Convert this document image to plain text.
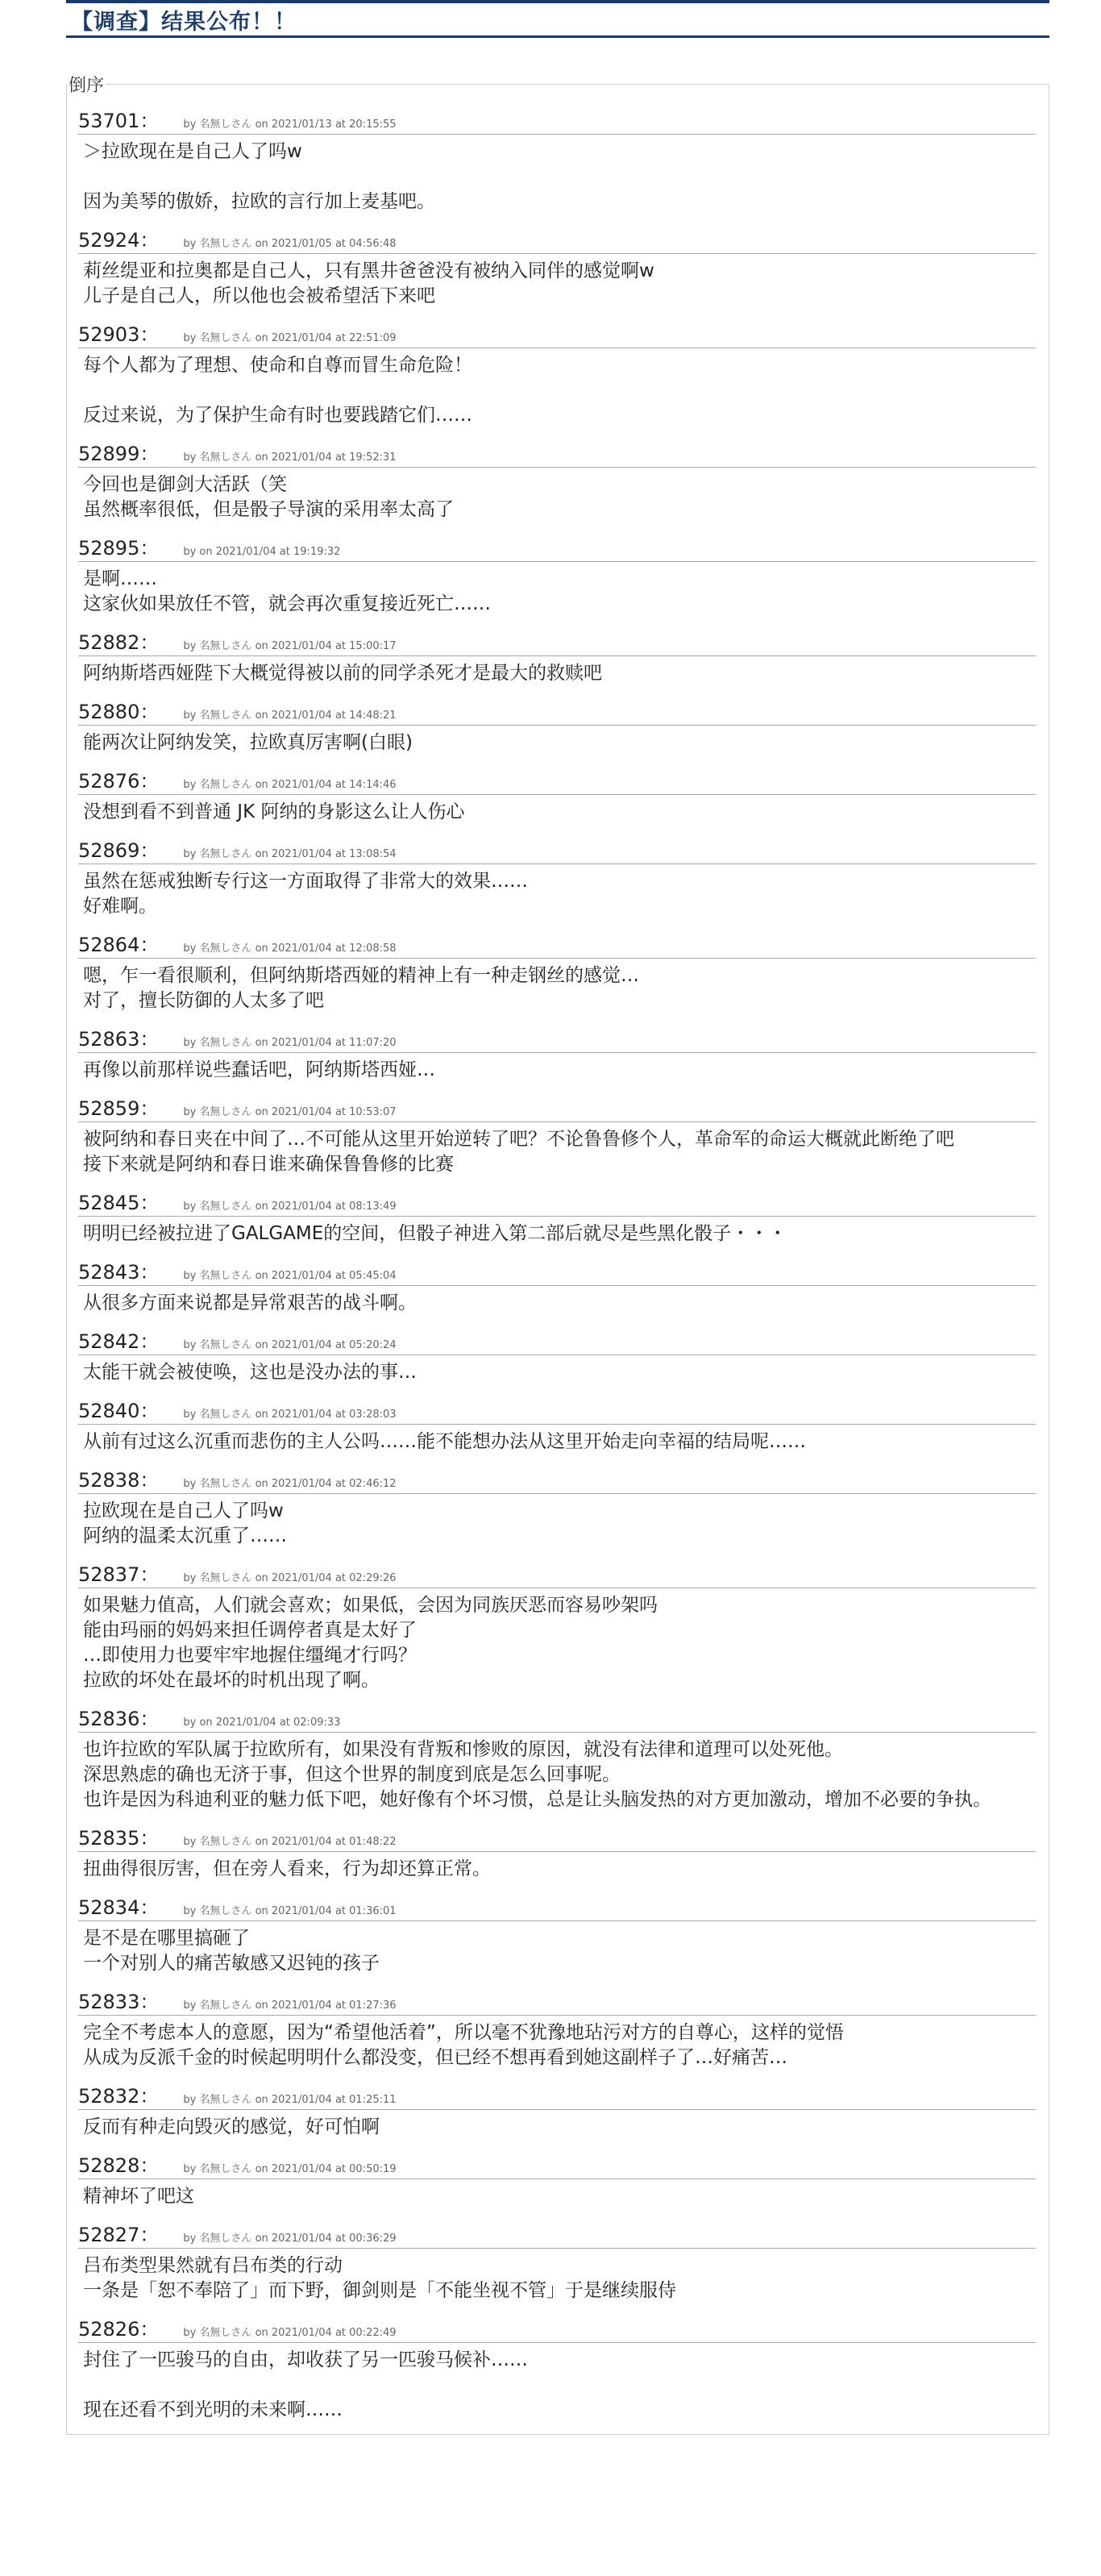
【调查】结果公布！！
倒序
53701 ： by 名無しさん on 2021/01/13 at 20:15:55
＞拉欧现在是自己人了吗w
因为美琴的傲娇，拉欧的言行加上麦基吧。
52924 ： by 名無しさん on 2021/01/05 at 04:56:48
莉丝缇亚和拉奥都是自己人，只有黑井爸爸没有被纳入同伴的感觉啊w
儿子是自己人，所以他也会被希望活下来吧
52903 ： by 名無しさん on 2021/01/04 at 22:51:09
每个人都为了理想、使命和自尊而冒生命危险！
反过来说，为了保护生命有时也要践踏它们……
52899 ： by 名無しさん on 2021/01/04 at 19:52:31
今回也是御剑大活跃（笑
虽然概率很低，但是骰子导演的采用率太高了
52895 ： by on 2021/01/04 at 19:19:32
是啊……
这家伙如果放任不管，就会再次重复接近死亡……
52882 ： by 名無しさん on 2021/01/04 at 15:00:17
阿纳斯塔西娅陛下大概觉得被以前的同学杀死才是最大的救赎吧
52880 ： by 名無しさん on 2021/01/04 at 14:48:21
能两次让阿纳发笑，拉欧真厉害啊(白眼)
52876 ： by 名無しさん on 2021/01/04 at 14:14:46
没想到看不到普通 JK 阿纳的身影这么让人伤心
52869 ： by 名無しさん on 2021/01/04 at 13:08:54
虽然在惩戒独断专行这一方面取得了非常大的效果……
好难啊。
52864 ： by 名無しさん on 2021/01/04 at 12:08:58
嗯，乍一看很顺利，但阿纳斯塔西娅的精神上有一种走钢丝的感觉…
对了，擅长防御的人太多了吧
52863 ： by 名無しさん on 2021/01/04 at 11:07:20
再像以前那样说些蠢话吧，阿纳斯塔西娅…
52859 ： by 名無しさん on 2021/01/04 at 10:53:07
被阿纳和春日夹在中间了…不可能从这里开始逆转了吧？不论鲁鲁修个人，革命军的命运大概就此断绝了吧
接下来就是阿纳和春日谁来确保鲁鲁修的比赛
52845 ： by 名無しさん on 2021/01/04 at 08:13:49
明明已经被拉进了GALGAME的空间，但骰子神进入第二部后就尽是些黑化骰子・・・
52843 ： by 名無しさん on 2021/01/04 at 05:45:04
从很多方面来说都是异常艰苦的战斗啊。
52842 ： by 名無しさん on 2021/01/04 at 05:20:24
太能干就会被使唤，这也是没办法的事…
52840 ： by 名無しさん on 2021/01/04 at 03:28:03
从前有过这么沉重而悲伤的主人公吗……能不能想办法从这里开始走向幸福的结局呢……
52838 ： by 名無しさん on 2021/01/04 at 02:46:12
拉欧现在是自己人了吗w
阿纳的温柔太沉重了……
52837 ： by 名無しさん on 2021/01/04 at 02:29:26
如果魅力值高，人们就会喜欢；如果低，会因为同族厌恶而容易吵架吗
能由玛丽的妈妈来担任调停者真是太好了
…即使用力也要牢牢地握住缰绳才行吗？
拉欧的坏处在最坏的时机出现了啊。
52836 ： by on 2021/01/04 at 02:09:33
也许拉欧的军队属于拉欧所有，如果没有背叛和惨败的原因，就没有法律和道理可以处死他。
深思熟虑的确也无济于事，但这个世界的制度到底是怎么回事呢。
也许是因为科迪利亚的魅力低下吧，她好像有个坏习惯，总是让头脑发热的对方更加激动，增加不必要的争执。
52835 ： by 名無しさん on 2021/01/04 at 01:48:22
扭曲得很厉害，但在旁人看来，行为却还算正常。
52834 ： by 名無しさん on 2021/01/04 at 01:36:01
是不是在哪里搞砸了
一个对别人的痛苦敏感又迟钝的孩子
52833 ： by 名無しさん on 2021/01/04 at 01:27:36
完全不考虑本人的意愿，因为“希望他活着”，所以毫不犹豫地玷污对方的自尊心，这样的觉悟
从成为反派千金的时候起明明什么都没变，但已经不想再看到她这副样子了…好痛苦…
52832 ： by 名無しさん on 2021/01/04 at 01:25:11
反而有种走向毁灭的感觉，好可怕啊
52828 ： by 名無しさん on 2021/01/04 at 00:50:19
精神坏了吧这
52827 ： by 名無しさん on 2021/01/04 at 00:36:29
吕布类型果然就有吕布类的行动
一条是「恕不奉陪了」而下野，御剑则是「不能坐视不管」于是继续服侍
52826 ： by 名無しさん on 2021/01/04 at 00:22:49
封住了一匹骏马的自由，却收获了另一匹骏马候补……
现在还看不到光明的未来啊……
